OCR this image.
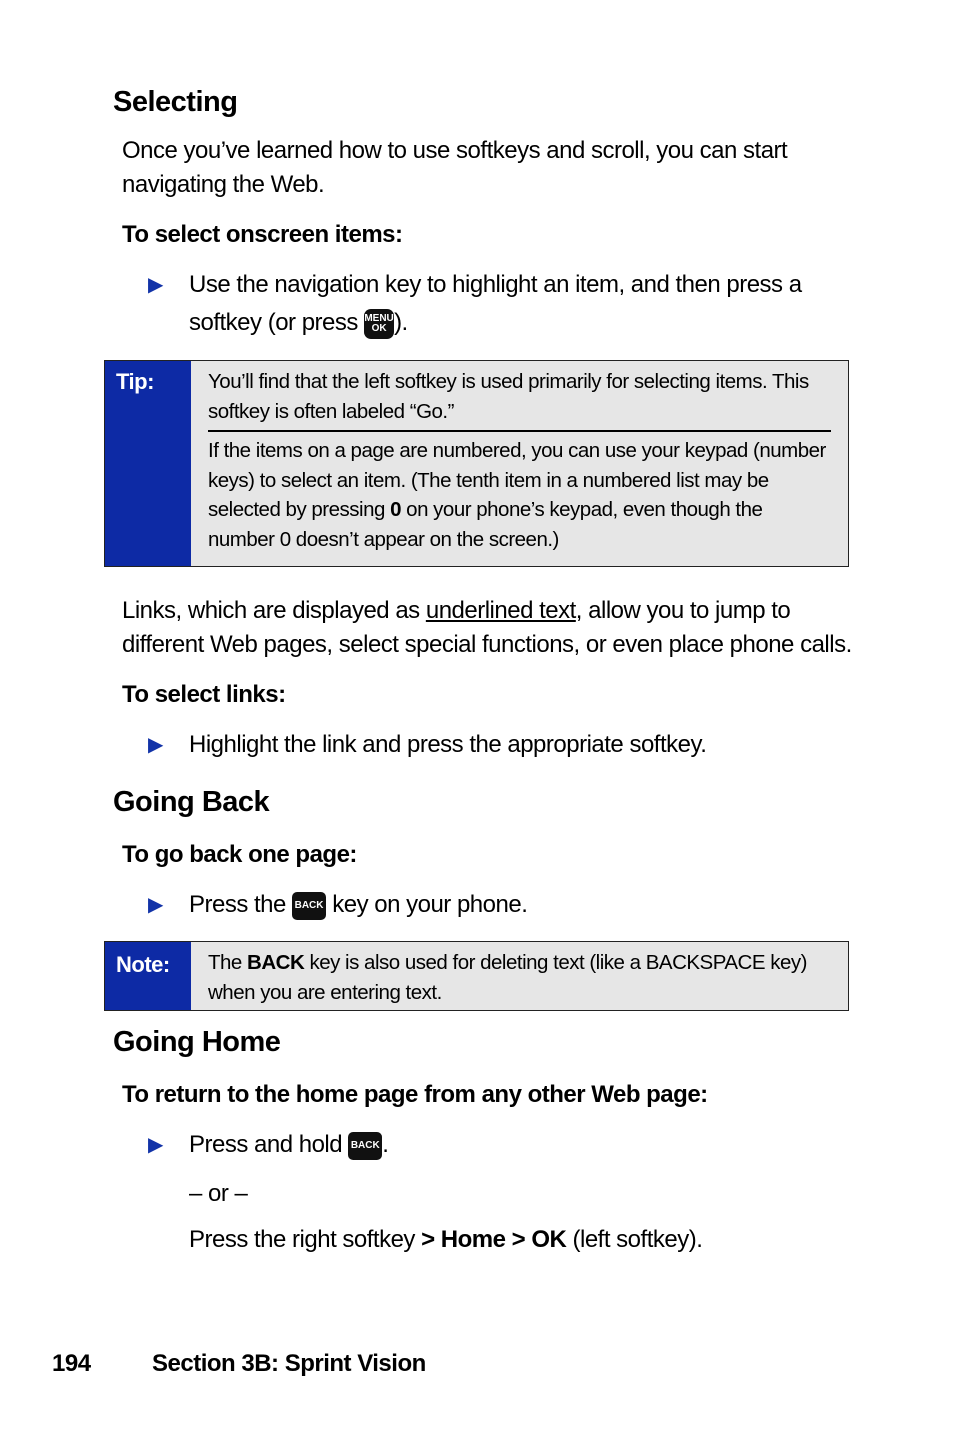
Selecting
Once you’ve learned how to use softkeys and scroll, you can start navigating the Web.
To select onscreen items:
▶ Use the navigation key to highlight an item, and then press a softkey (or press MENU
OK ).
Tip:	You’ll find that the left softkey is used primarily for selecting items. This softkey is often labeled “Go.”
If the items on a page are numbered, you can use your keypad (number keys) to select an item. (The tenth item in a numbered list may be selected by pressing 0 on your phone’s keypad, even though the number 0 doesn’t appear on the screen.)
Links, which are displayed as underlined text, allow you to jump to different Web pages, select special functions, or even place phone calls.
To select links:
▶ Highlight the link and press the appropriate softkey.
Going Back
To go back one page:
▶ Press the BACK key on your phone.
Note:	The BACK key is also used for deleting text (like a BACKSPACE key) when you are entering text.
Going Home
To return to the home page from any other Web page:
▶ Press and hold BACK .
– or –
Press the right softkey > Home > OK (left softkey).
194	Section 3B: Sprint Vision
